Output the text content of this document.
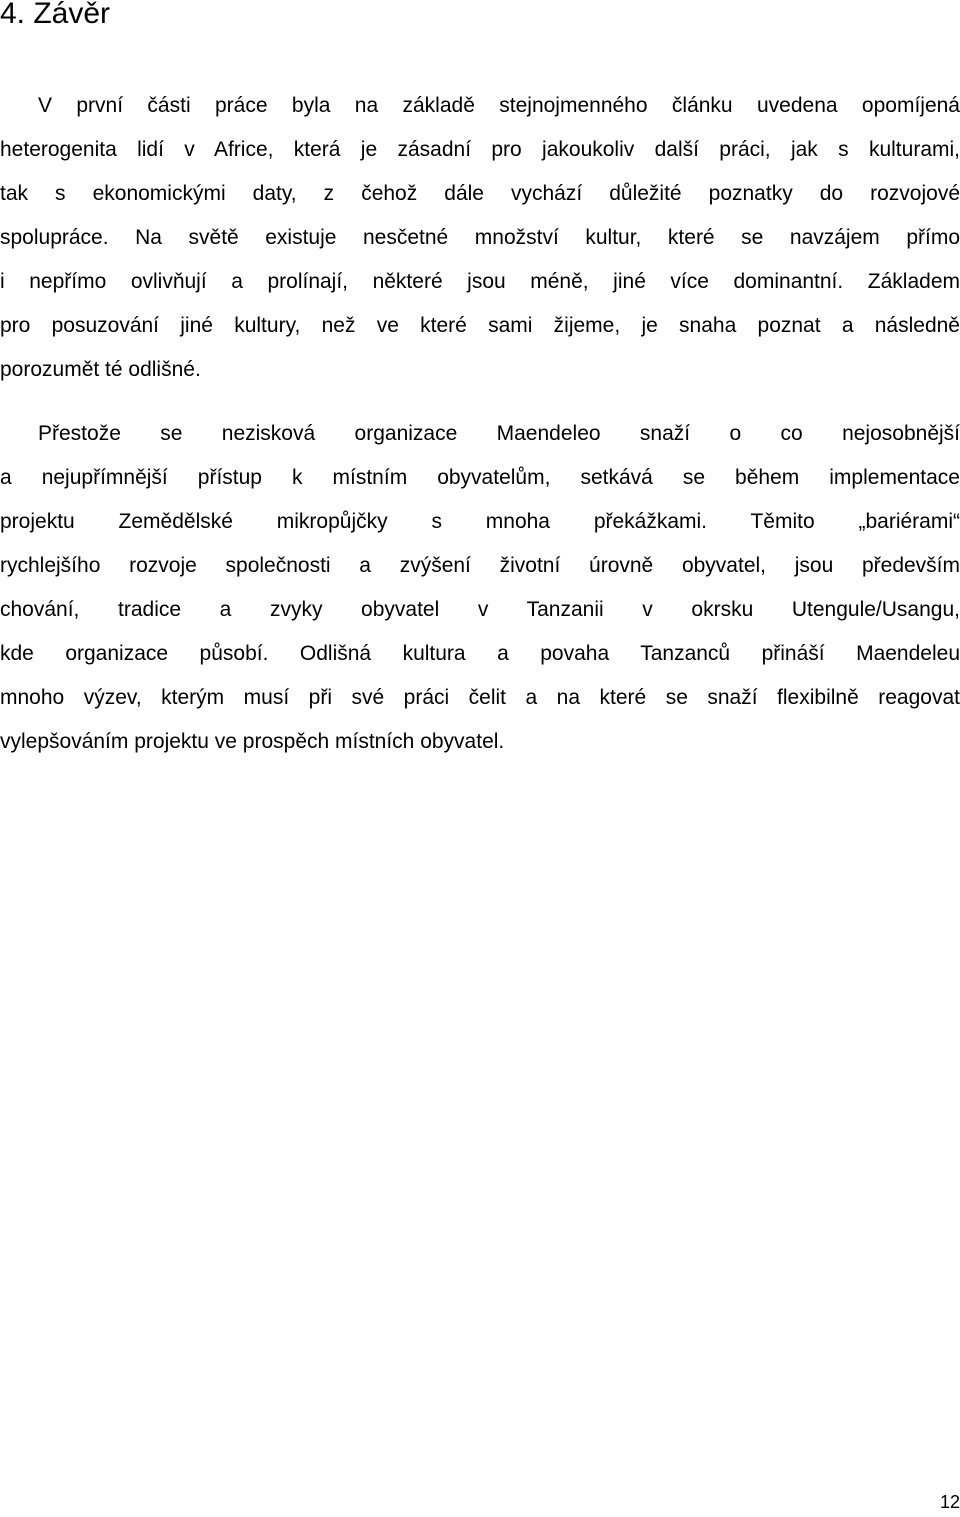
4. Závěr
V první části práce byla na základě stejnojmenného článku uvedena opomíjená
heterogenita lidí v Africe, která je zásadní pro jakoukoliv další práci, jak s kulturami,
tak s ekonomickými daty, z čehož dále vychází důležité poznatky do rozvojové
spolupráce. Na světě existuje nesčetné množství kultur, které se navzájem přímo
i nepřímo ovlivňují a prolínají, některé jsou méně, jiné více dominantní. Základem
pro posuzování jiné kultury, než ve které sami žijeme, je snaha poznat a následně
porozumět té odlišné.
Přestože se nezisková organizace Maendeleo snaží o co nejosobnější
a nejupřímnější přístup k místním obyvatelům, setkává se během implementace
projektu Zemědělské mikropůjčky s mnoha překážkami. Těmito „bariérami“
rychlejšího rozvoje společnosti a zvýšení životní úrovně obyvatel, jsou především
chování, tradice a zvyky obyvatel v Tanzanii v okrsku Utengule/Usangu,
kde organizace působí. Odlišná kultura a povaha Tanzanců přináší Maendeleu
mnoho výzev, kterým musí při své práci čelit a na které se snaží flexibilně reagovat
vylepšováním projektu ve prospěch místních obyvatel.
12
